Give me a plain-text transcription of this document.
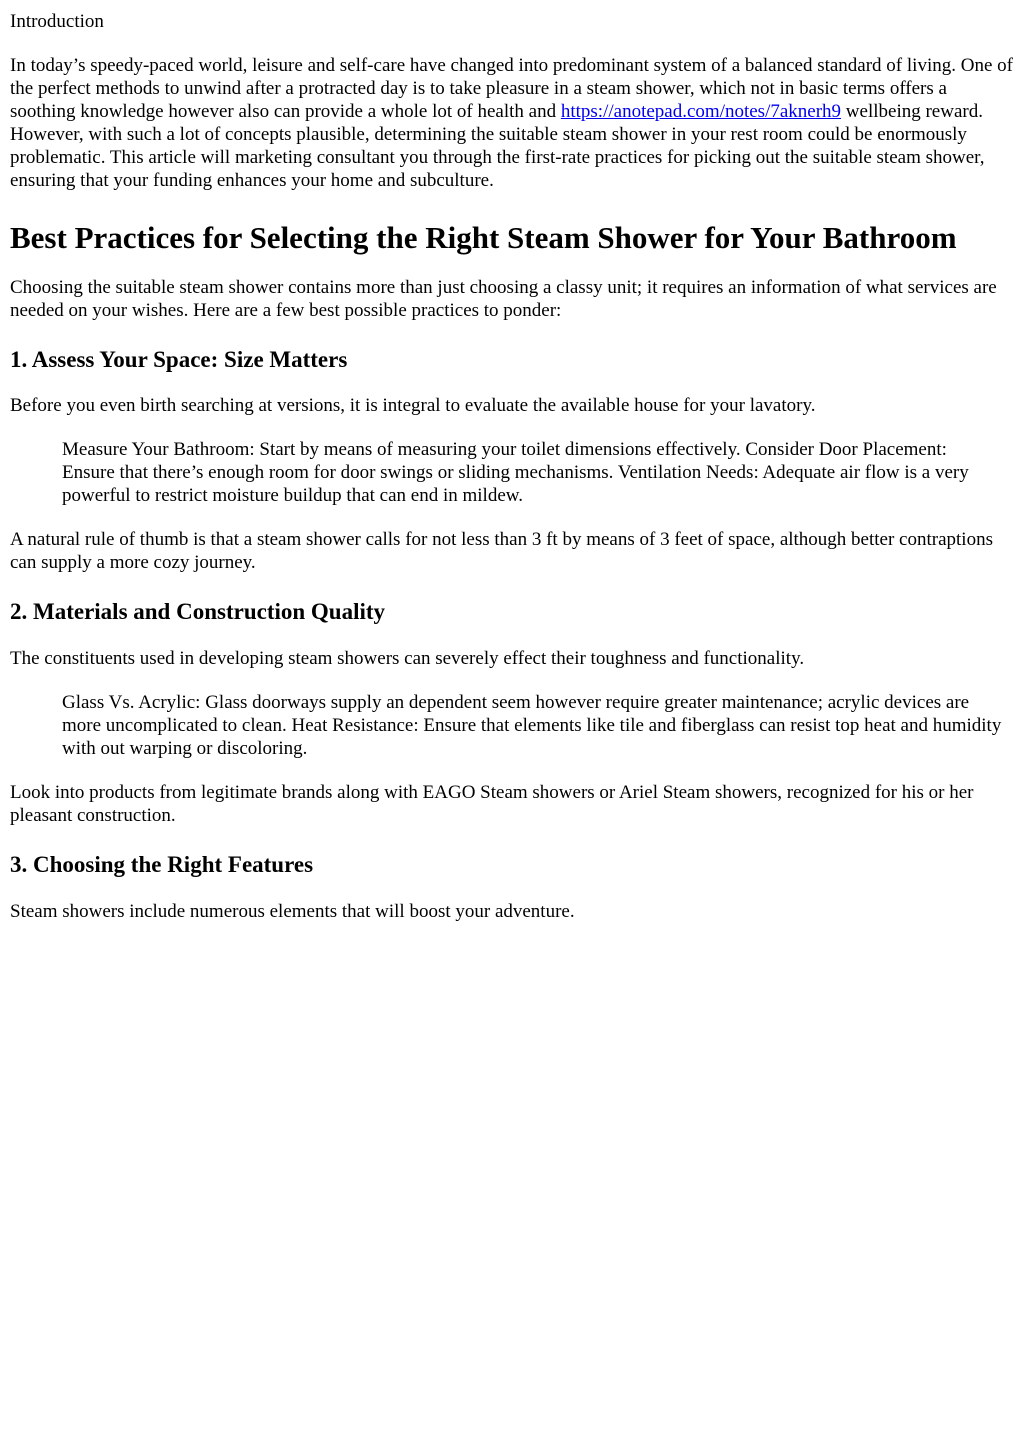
Introduction

In today’s speedy-paced world, leisure and self-care have changed into predominant system of a balanced standard of living. One of the perfect methods to unwind after a protracted day is to take pleasure in a steam shower, which not in basic terms offers a soothing knowledge however also can provide a whole lot of health and https://anotepad.com/notes/7aknerh9 wellbeing reward. However, with such a lot of concepts plausible, determining the suitable steam shower in your rest room could be enormously problematic. This article will marketing consultant you through the first-rate practices for picking out the suitable steam shower, ensuring that your funding enhances your home and subculture.

Best Practices for Selecting the Right Steam Shower for Your Bathroom

Choosing the suitable steam shower contains more than just choosing a classy unit; it requires an information of what services are needed on your wishes. Here are a few best possible practices to ponder:

1. Assess Your Space: Size Matters

Before you even birth searching at versions, it is integral to evaluate the available house for your lavatory.

Measure Your Bathroom: Start by means of measuring your toilet dimensions effectively. Consider Door Placement: Ensure that there’s enough room for door swings or sliding mechanisms. Ventilation Needs: Adequate air flow is a very powerful to restrict moisture buildup that can end in mildew.

A natural rule of thumb is that a steam shower calls for not less than 3 ft by means of 3 feet of space, although better contraptions can supply a more cozy journey.

2. Materials and Construction Quality

The constituents used in developing steam showers can severely effect their toughness and functionality.

Glass Vs. Acrylic: Glass doorways supply an dependent seem however require greater maintenance; acrylic devices are more uncomplicated to clean. Heat Resistance: Ensure that elements like tile and fiberglass can resist top heat and humidity with out warping or discoloring.

Look into products from legitimate brands along with EAGO Steam showers or Ariel Steam showers, recognized for his or her pleasant construction.

3. Choosing the Right Features

Steam showers include numerous elements that will boost your adventure.
